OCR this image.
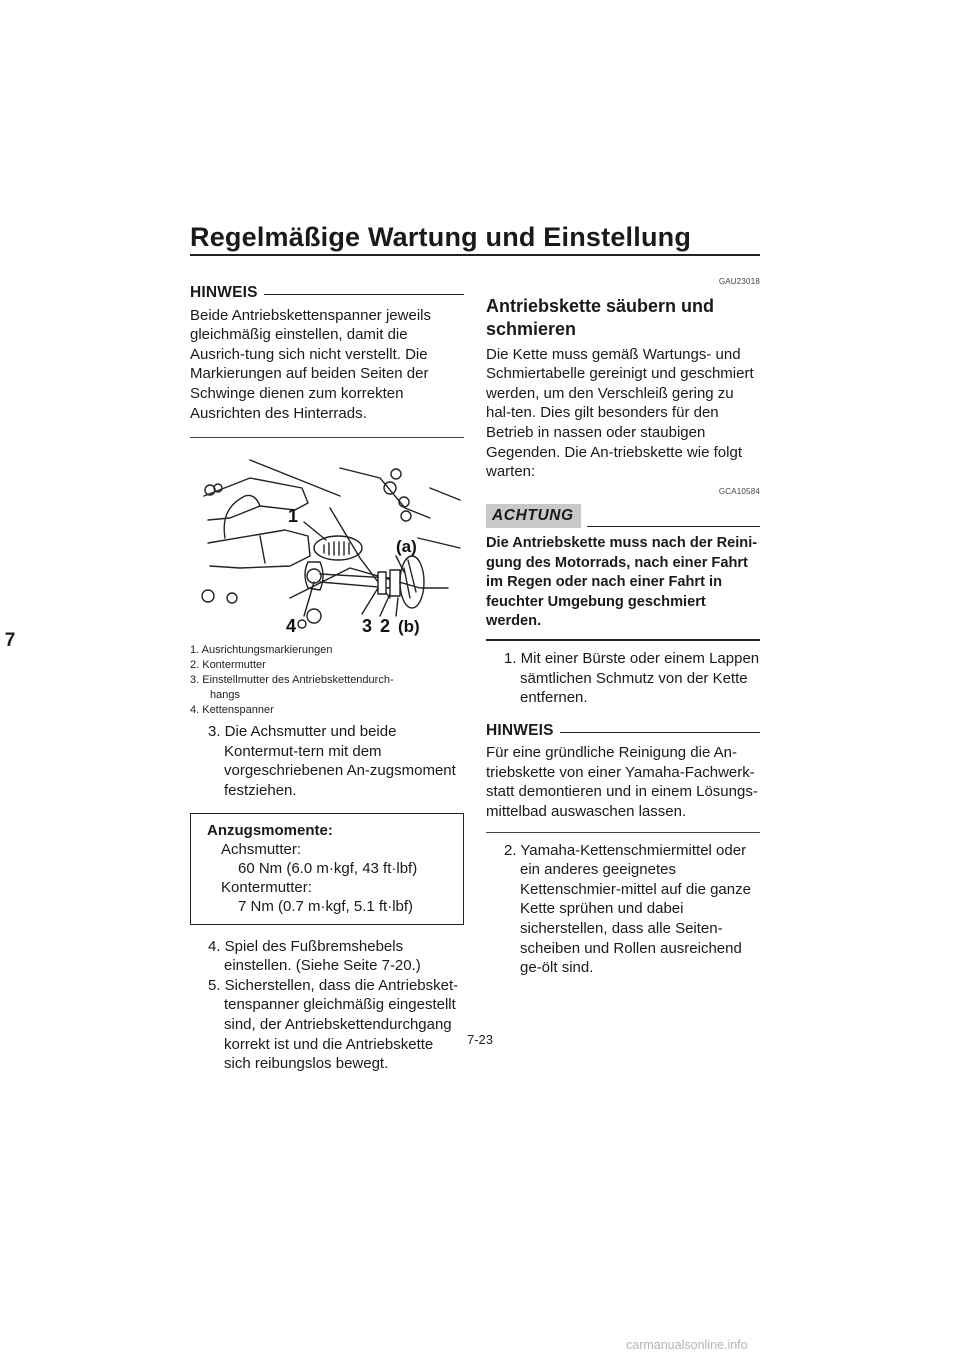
Regelmäßige Wartung und Einstellung
7
HINWEIS

Beide Antriebskettenspanner jeweils gleichmäßig einstellen, damit die Ausrich-tung sich nicht verstellt. Die Markierungen auf beiden Seiten der Schwinge dienen zum korrekten Ausrichten des Hinterrads.

1
(a)
4	3 2 (b)
1. Ausrichtungsmarkierungen
2. Kontermutter
3. Einstellmutter des Antriebskettendurch-
hangs
4. Kettenspanner
3. Die Achsmutter und beide Kontermut-tern mit dem vorgeschriebenen An-zugsmoment festziehen.
Anzugsmomente:
Achsmutter:
60 Nm (6.0 m·kgf, 43 ft·lbf)
Kontermutter:
7 Nm (0.7 m·kgf, 5.1 ft·lbf)
4. Spiel des Fußbremshebels einstellen. (Siehe Seite 7-20.)
5. Sicherstellen, dass die Antriebsket-tenspanner gleichmäßig eingestellt sind, der Antriebskettendurchgang korrekt ist und die Antriebskette sich reibungslos bewegt.
GAU23018
Antriebskette säubern und schmieren

Die Kette muss gemäß Wartungs- und Schmiertabelle gereinigt und geschmiert werden, um den Verschleiß gering zu hal-ten. Dies gilt besonders für den Betrieb in nassen oder staubigen Gegenden. Die An-triebskette wie folgt warten:

GCA10584
ACHTUNG
Die Antriebskette muss nach der Reini-gung des Motorrads, nach einer Fahrt im Regen oder nach einer Fahrt in feuchter Umgebung geschmiert werden.
1. Mit einer Bürste oder einem Lappen sämtlichen Schmutz von der Kette entfernen.
HINWEIS

Für eine gründliche Reinigung die An-triebskette von einer Yamaha-Fachwerk-statt demontieren und in einem Lösungs-mittelbad auswaschen lassen.

2. Yamaha-Kettenschmiermittel oder ein anderes geeignetes Kettenschmier-mittel auf die ganze Kette sprühen und dabei sicherstellen, dass alle Seiten-scheiben und Rollen ausreichend ge-ölt sind.
7-23
carmanualsonline.info
